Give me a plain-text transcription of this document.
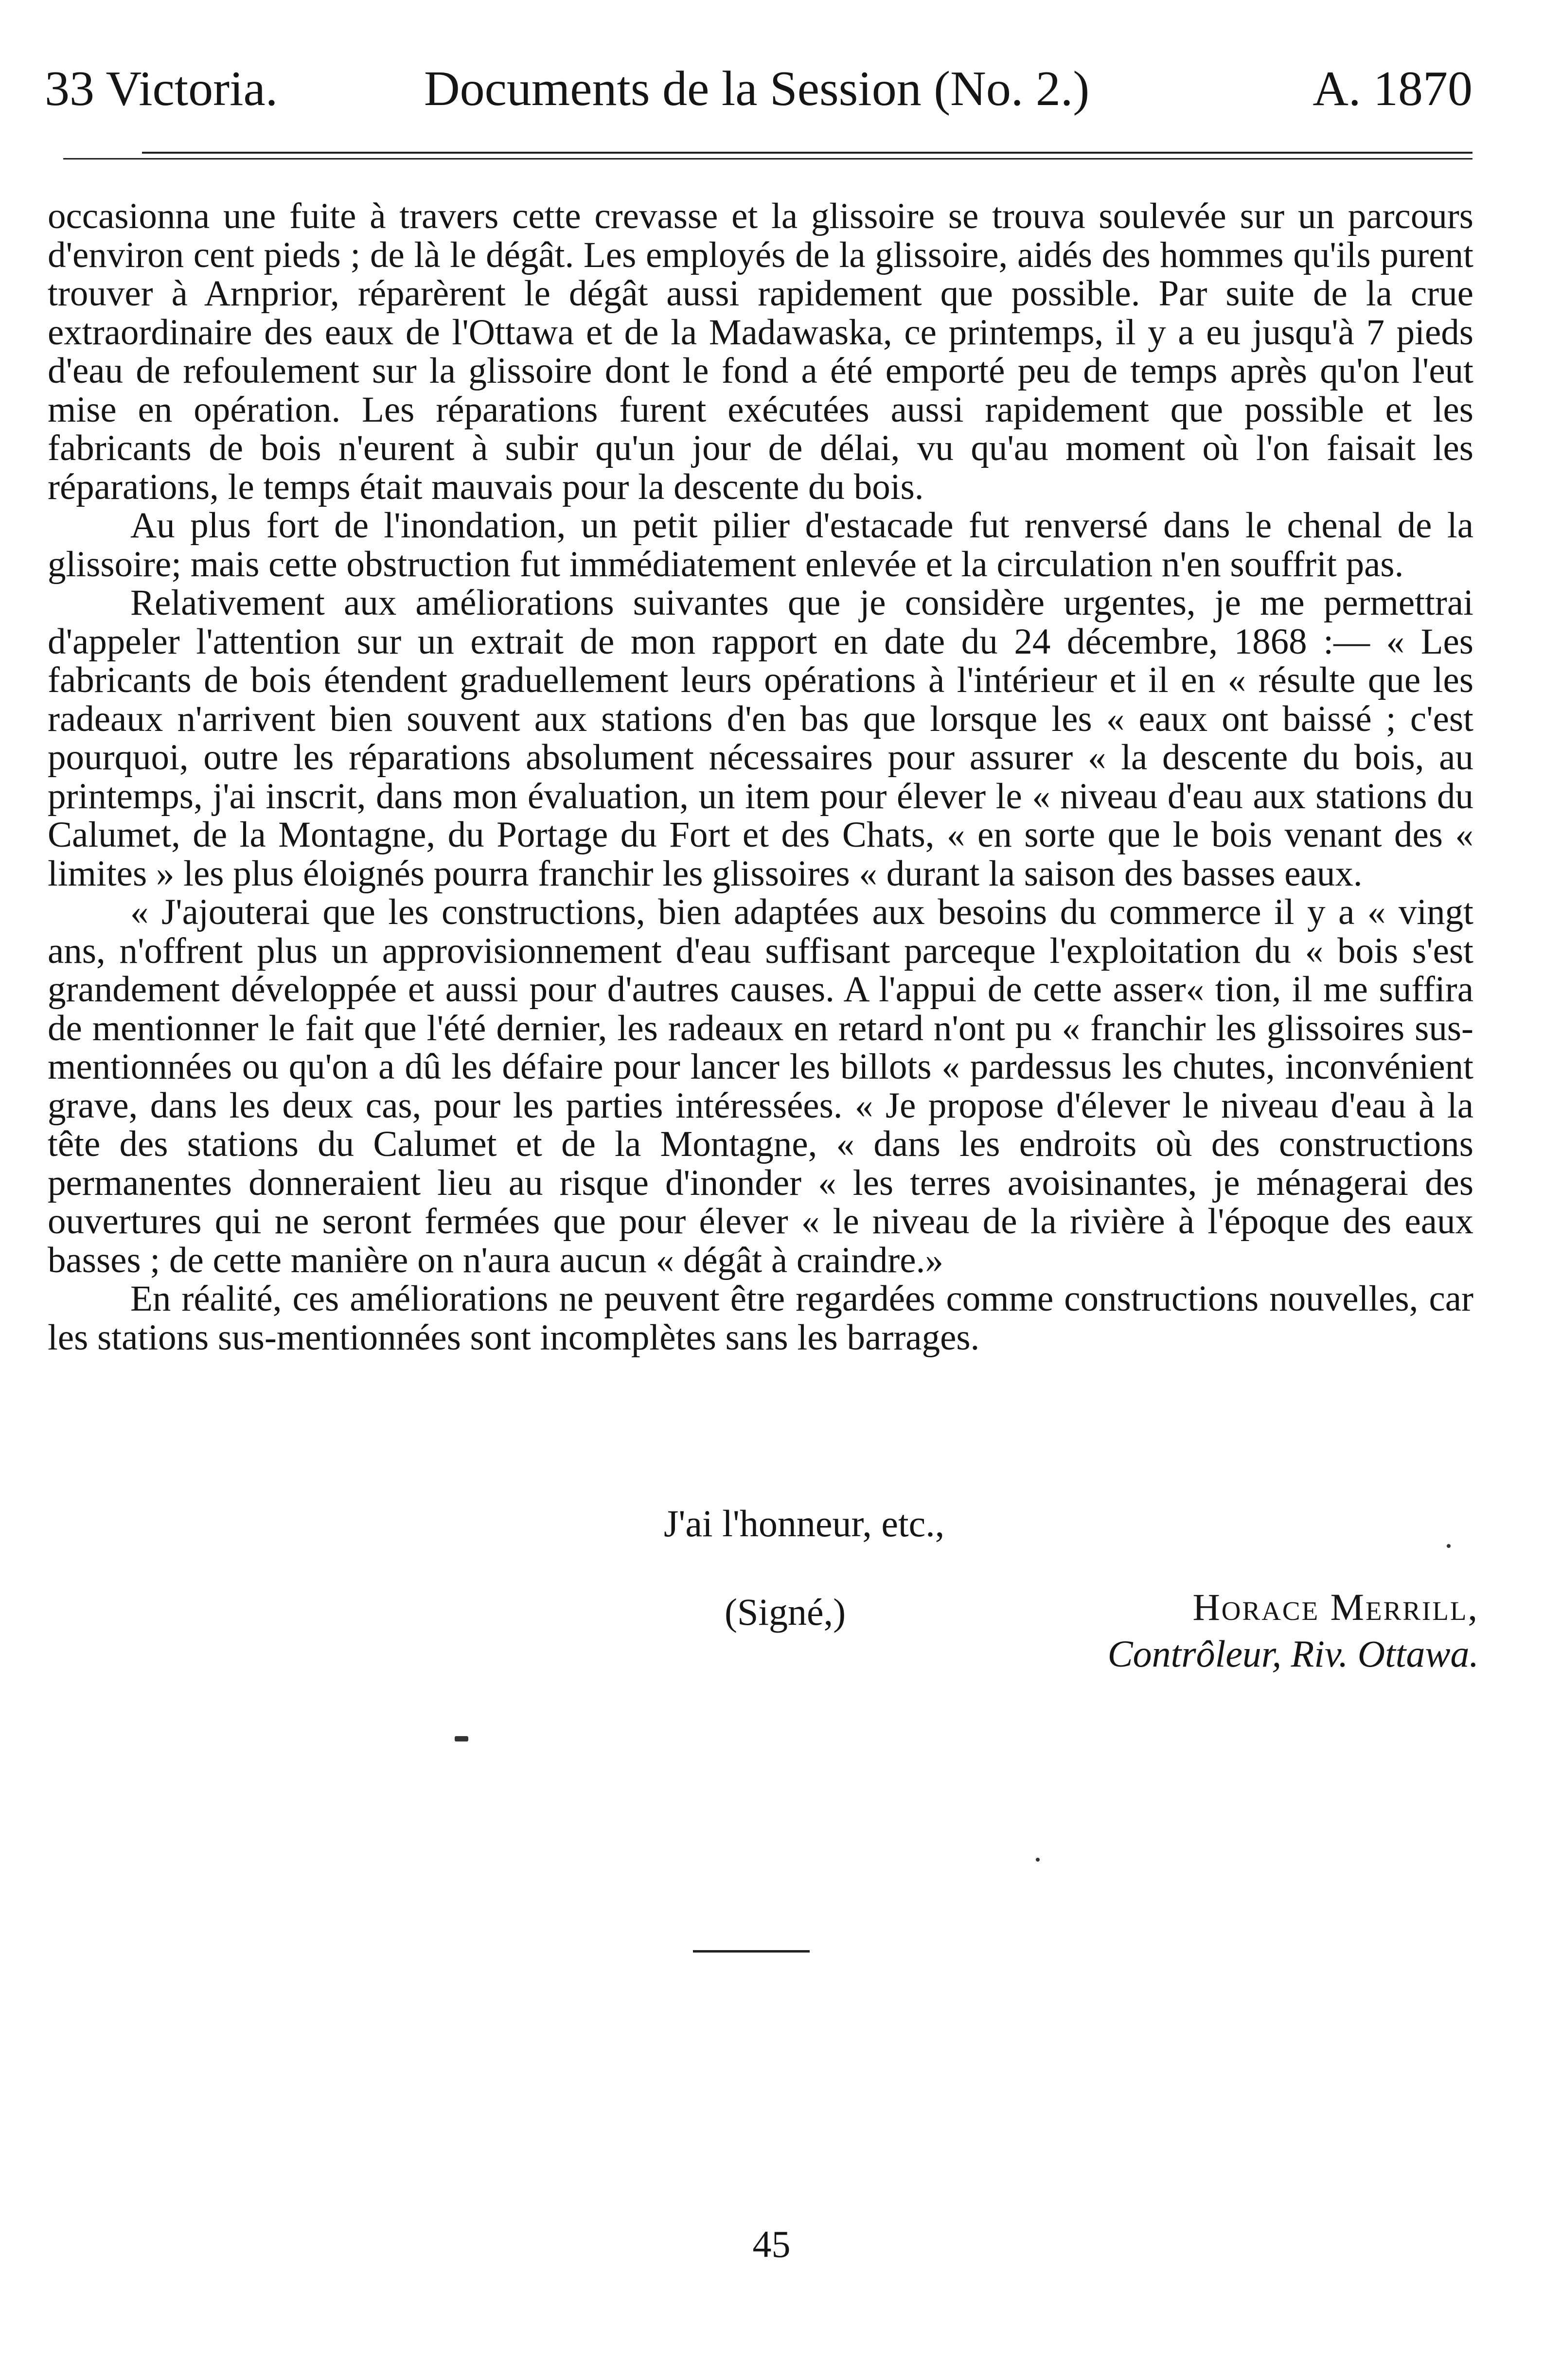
33 Victoria.	Documents de la Session (No. 2.)	A. 1870

occasionna une fuite à travers cette crevasse et la glissoire se trouva soulevée sur un parcours d'environ cent pieds ; de là le dégât. Les employés de la glissoire, aidés des hommes qu'ils purent trouver à Arnprior, réparèrent le dégât aussi rapidement que possible. Par suite de la crue extraordinaire des eaux de l'Ottawa et de la Madawaska, ce printemps, il y a eu jusqu'à 7 pieds d'eau de refoulement sur la glissoire dont le fond a été emporté peu de temps après qu'on l'eut mise en opération. Les réparations furent exécutées aussi rapidement que possible et les fabricants de bois n'eurent à subir qu'un jour de délai, vu qu'au moment où l'on faisait les réparations, le temps était mauvais pour la descente du bois.

Au plus fort de l'inondation, un petit pilier d'estacade fut renversé dans le chenal de la glissoire; mais cette obstruction fut immédiatement enlevée et la circulation n'en souffrit pas.

Relativement aux améliorations suivantes que je considère urgentes, je me permettrai d'appeler l'attention sur un extrait de mon rapport en date du 24 décembre, 1868 :— « Les fabricants de bois étendent graduellement leurs opérations à l'intérieur et il en « résulte que les radeaux n'arrivent bien souvent aux stations d'en bas que lorsque les « eaux ont baissé ; c'est pourquoi, outre les réparations absolument nécessaires pour assurer « la descente du bois, au printemps, j'ai inscrit, dans mon évaluation, un item pour élever le « niveau d'eau aux stations du Calumet, de la Montagne, du Portage du Fort et des Chats, « en sorte que le bois venant des « limites » les plus éloignés pourra franchir les glissoires « durant la saison des basses eaux.

« J'ajouterai que les constructions, bien adaptées aux besoins du commerce il y a « vingt ans, n'offrent plus un approvisionnement d'eau suffisant parceque l'exploitation du « bois s'est grandement développée et aussi pour d'autres causes. A l'appui de cette asser« tion, il me suffira de mentionner le fait que l'été dernier, les radeaux en retard n'ont pu « franchir les glissoires sus-mentionnées ou qu'on a dû les défaire pour lancer les billots « pardessus les chutes, inconvénient grave, dans les deux cas, pour les parties intéressées. « Je propose d'élever le niveau d'eau à la tête des stations du Calumet et de la Montagne, « dans les endroits où des constructions permanentes donneraient lieu au risque d'inonder « les terres avoisinantes, je ménagerai des ouvertures qui ne seront fermées que pour élever « le niveau de la rivière à l'époque des eaux basses ; de cette manière on n'aura aucun « dégât à craindre.»

En réalité, ces améliorations ne peuvent être regardées comme constructions nouvelles, car les stations sus-mentionnées sont incomplètes sans les barrages.

J'ai l'honneur, etc.,
(Signé,)	Horace Merrill,
Contrôleur, Riv. Ottawa.
45
